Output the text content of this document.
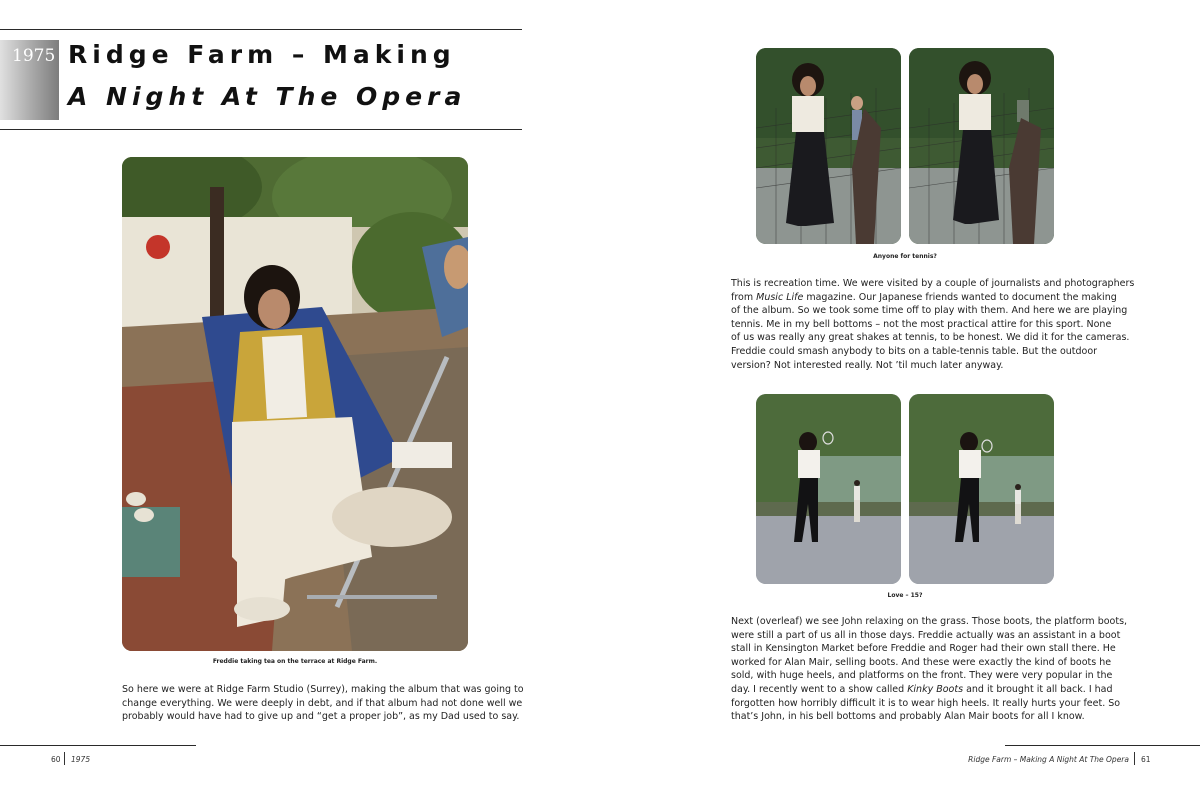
1975 Ridge Farm – Making
A Night At The Opera
Freddie taking tea on the terrace at Ridge Farm.
So here we were at Ridge Farm Studio (Surrey), making the album that was going to
change everything. We were deeply in debt, and if that album had not done well we
probably would have had to give up and “get a proper job”, as my Dad used to say.
Anyone for tennis?
This is recreation time. We were visited by a couple of journalists and photographers
from Music Life magazine. Our Japanese friends wanted to document the making
of the album. So we took some time off to play with them. And here we are playing
tennis. Me in my bell bottoms – not the most practical attire for this sport. None
of us was really any great shakes at tennis, to be honest. We did it for the cameras.
Freddie could smash anybody to bits on a table-tennis table. But the outdoor
version? Not interested really. Not ’til much later anyway.
Love – 15?
Next (overleaf) we see John relaxing on the grass. Those boots, the platform boots,
were still a part of us all in those days. Freddie actually was an assistant in a boot
stall in Kensington Market before Freddie and Roger had their own stall there. He
worked for Alan Mair, selling boots. And these were exactly the kind of boots he
sold, with huge heels, and platforms on the front. They were very popular in the
day. I recently went to a show called Kinky Boots and it brought it all back. I had
forgotten how horribly difficult it is to wear high heels. It really hurts your feet. So
that’s John, in his bell bottoms and probably Alan Mair boots for all I know.
60 1975	Ridge Farm – Making A Night At The Opera 61
